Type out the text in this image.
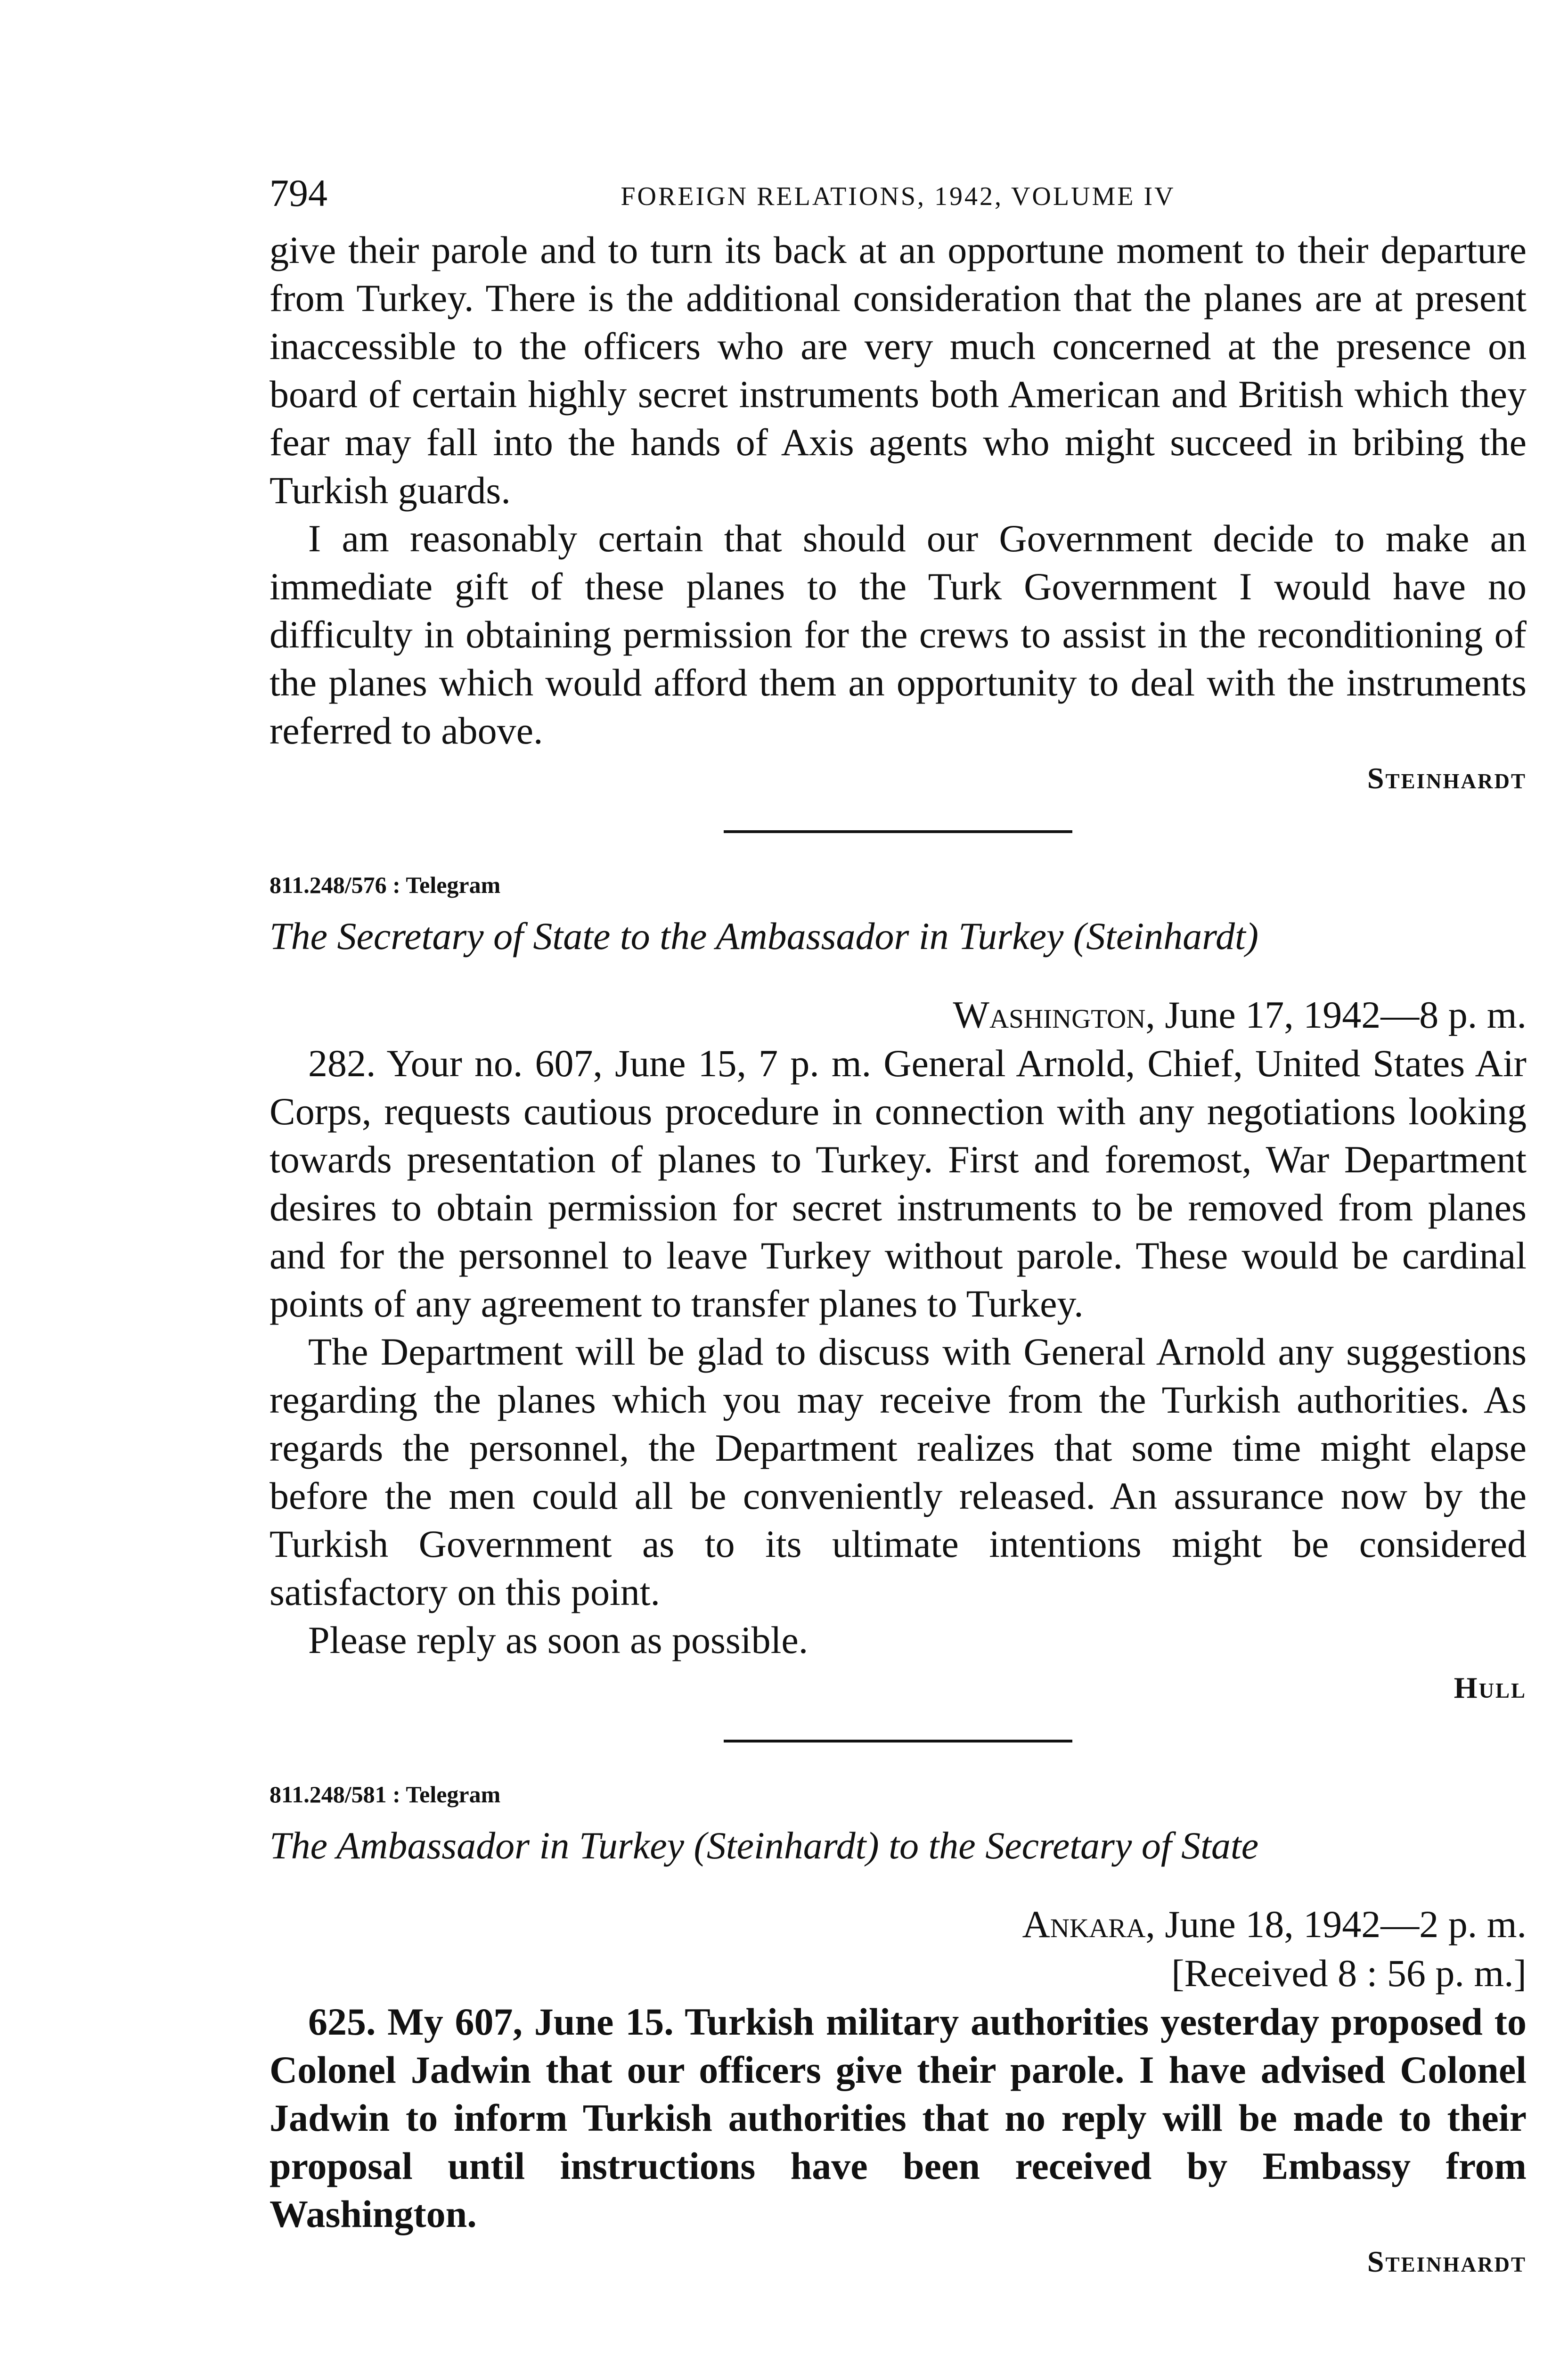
794	FOREIGN RELATIONS, 1942, VOLUME IV

give their parole and to turn its back at an opportune moment to their departure from Turkey. There is the additional consideration that the planes are at present inaccessible to the officers who are very much concerned at the presence on board of certain highly secret instruments both American and British which they fear may fall into the hands of Axis agents who might succeed in bribing the Turkish guards.

I am reasonably certain that should our Government decide to make an immediate gift of these planes to the Turk Government I would have no difficulty in obtaining permission for the crews to assist in the reconditioning of the planes which would afford them an opportunity to deal with the instruments referred to above.

Steinhardt
811.248/576 : Telegram
The Secretary of State to the Ambassador in Turkey (Steinhardt)
Washington, June 17, 1942—8 p. m.

282. Your no. 607, June 15, 7 p. m. General Arnold, Chief, United States Air Corps, requests cautious procedure in connection with any negotiations looking towards presentation of planes to Turkey. First and foremost, War Department desires to obtain permission for secret instruments to be removed from planes and for the personnel to leave Turkey without parole. These would be cardinal points of any agreement to transfer planes to Turkey.

The Department will be glad to discuss with General Arnold any suggestions regarding the planes which you may receive from the Turkish authorities. As regards the personnel, the Department realizes that some time might elapse before the men could all be conveniently released. An assurance now by the Turkish Government as to its ultimate intentions might be considered satisfactory on this point.

Please reply as soon as possible.

Hull
811.248/581 : Telegram
The Ambassador in Turkey (Steinhardt) to the Secretary of State
Ankara, June 18, 1942—2 p. m.
[Received 8 : 56 p. m.]

625. My 607, June 15. Turkish military authorities yesterday proposed to Colonel Jadwin that our officers give their parole. I have advised Colonel Jadwin to inform Turkish authorities that no reply will be made to their proposal until instructions have been received by Embassy from Washington.

Steinhardt
